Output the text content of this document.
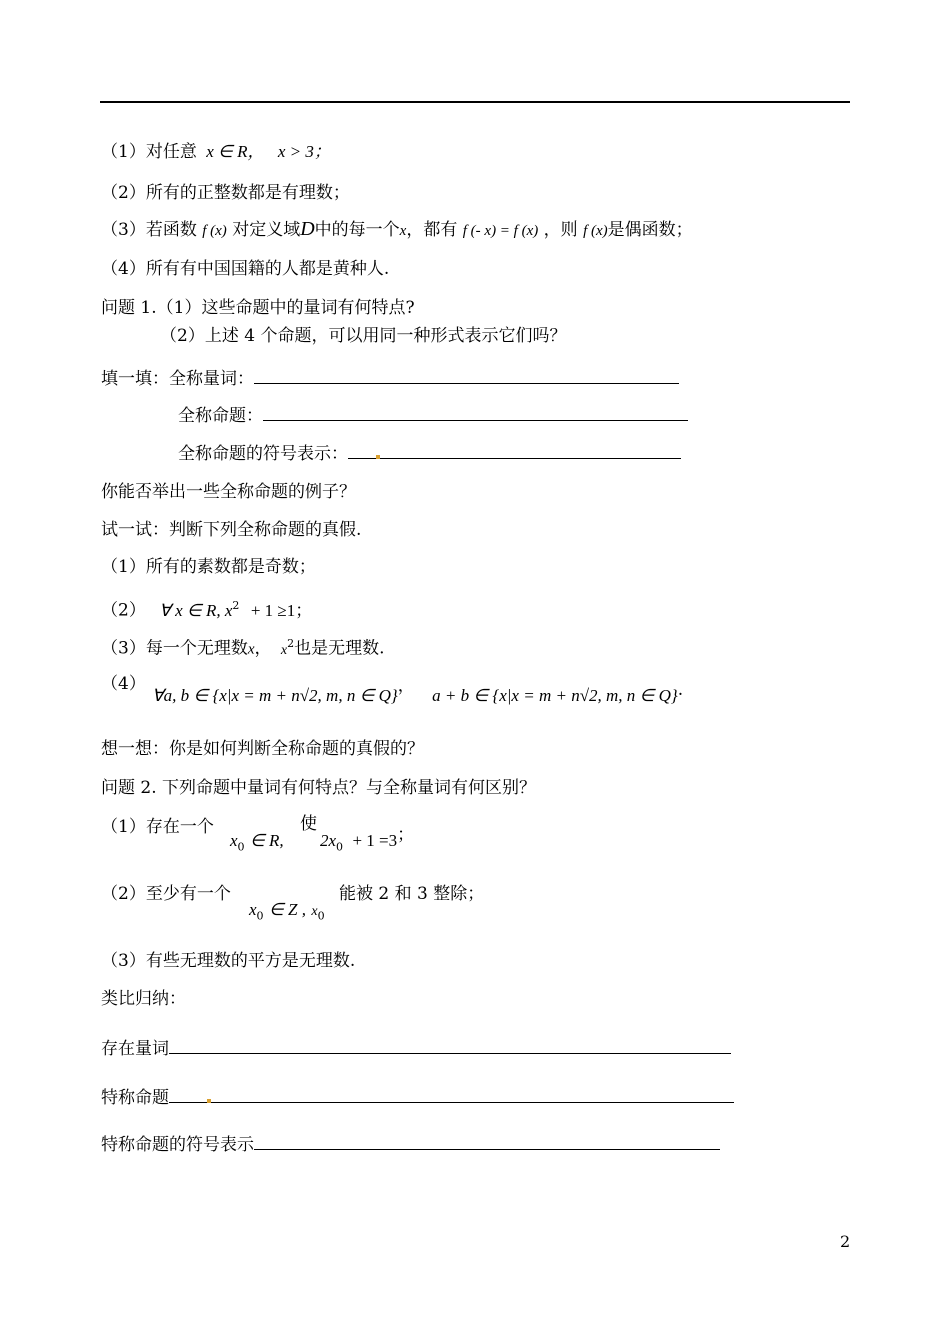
（1）对任意 x ∈ R， x > 3；
（2）所有的正整数都是有理数；
（3）若函数 f (x) 对定义域D中的每一个x，都有 f (- x) = f (x) ，则 f (x)是偶函数；
（4）所有有中国国籍的人都是黄种人.
问题 1.（1）这些命题中的量词有何特点?
（2）上述 4 个命题，可以用同一种形式表示它们吗？
填一填：全称量词：
全称命题：
全称命题的符号表示：
你能否举出一些全称命题的例子？
试一试：判断下列全称命题的真假.
（1）所有的素数都是奇数；
（2） ∀ x ∈ R, $x^2 + 1 \ge 1$；
（3）每一个无理数x， $x^2$也是无理数.
（4）
∀a, b ∈ {x|x = m + n√2, m, n ∈ Q}， a + b ∈ {x|x = m + n√2, m, n ∈ Q}.
想一想：你是如何判断全称命题的真假的？
问题 2. 下列命题中量词有何特点？与全称量词有何区别？
（1）存在一个
$x_0$ ∈ R,
使
$2x_0 + 1 =3$；
（2）至少有一个
$x_0$ ∈ Z , $x_0$
能被 2 和 3 整除；
（3）有些无理数的平方是无理数.
类比归纳：
存在量词
特称命题
特称命题的符号表示
2
